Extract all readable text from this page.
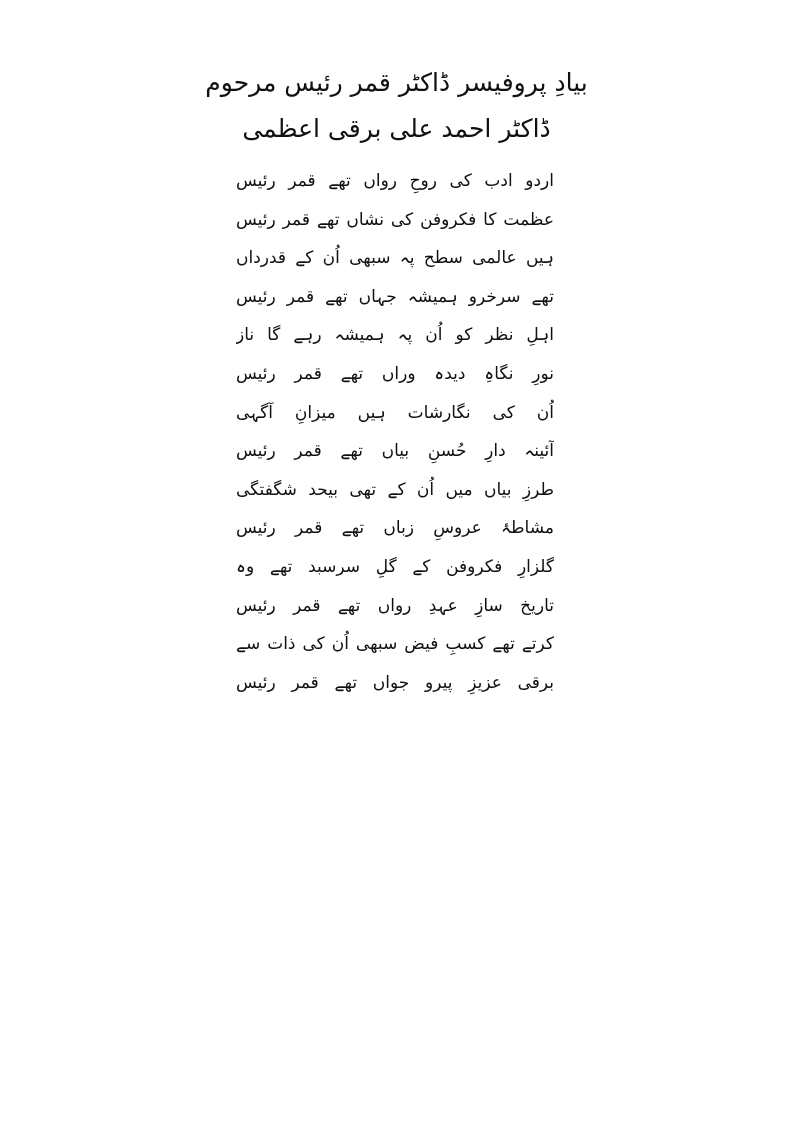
بیادِ پروفیسر ڈاکٹر قمر رئیس مرحوم
ڈاکٹر احمد علی برقی اعظمی
اردو ادب کی روحِ رواں تھے قمر رئیس
عظمت کا فکروفن کی نشاں تھے قمر رئیس
ہیں عالمی سطح پہ سبھی اُن کے قدرداں
تھے سرخرو ہمیشہ جہاں تھے قمر رئیس
اہلِ نظر کو اُن پہ ہمیشہ رہے گا ناز
نورِ نگاہِ دیدہ وراں تھے قمر رئیس
اُن کی نگارشات ہیں میزانِ آگہی
آئینہ دارِ حُسنِ بیاں تھے قمر رئیس
طرزِ بیاں میں اُن کے تھی بیحد شگفتگی
مشاطۂ عروسِ زباں تھے قمر رئیس
گلزارِ فکروفن کے گلِ سرسبد تھے وہ
تاریخ سازِ عہدِ رواں تھے قمر رئیس
کرتے تھے کسبِ فیض سبھی اُن کی ذات سے
برقی عزیزِ پیرو جواں تھے قمر رئیس
